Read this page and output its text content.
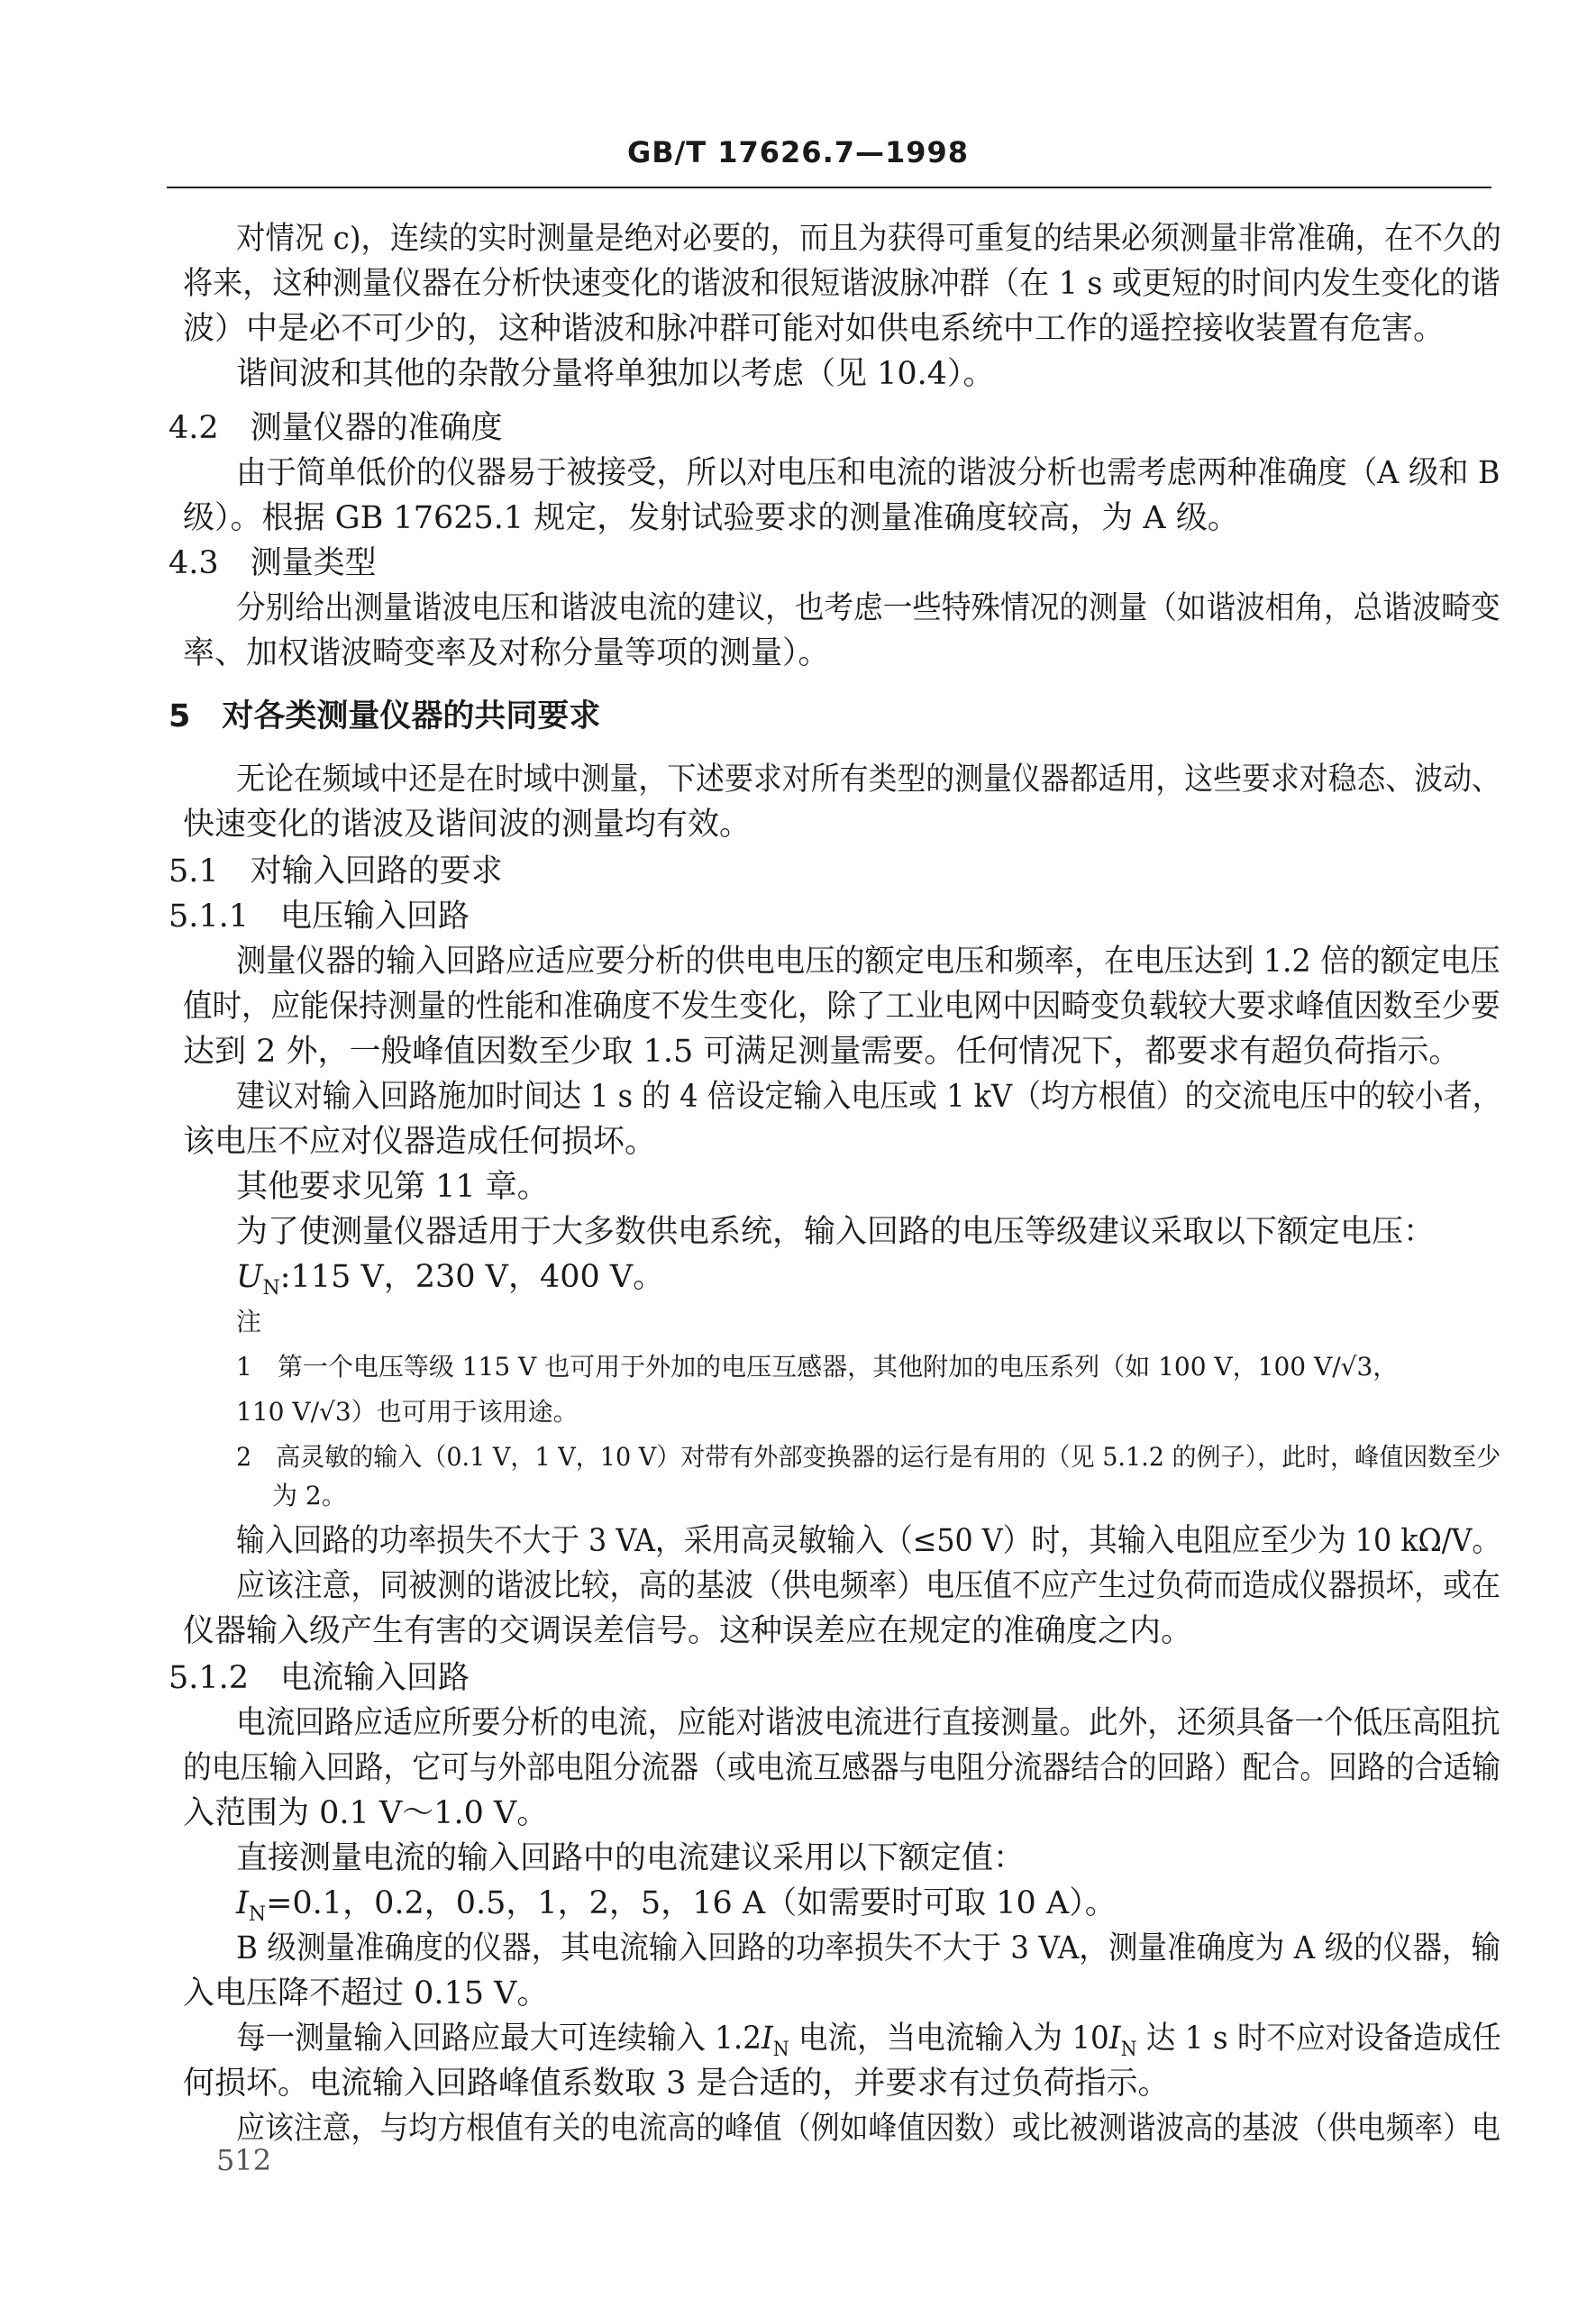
GB/T 17626.7—1998
对情况 c)，连续的实时测量是绝对必要的，而且为获得可重复的结果必须测量非常准确，在不久的
将来，这种测量仪器在分析快速变化的谐波和很短谐波脉冲群（在 1 s 或更短的时间内发生变化的谐
波）中是必不可少的，这种谐波和脉冲群可能对如供电系统中工作的遥控接收装置有危害。
谐间波和其他的杂散分量将单独加以考虑（见 10.4）。
4.2　测量仪器的准确度
由于简单低价的仪器易于被接受，所以对电压和电流的谐波分析也需考虑两种准确度（A 级和 B
级）。根据 GB 17625.1 规定，发射试验要求的测量准确度较高，为 A 级。
4.3　测量类型
分别给出测量谐波电压和谐波电流的建议，也考虑一些特殊情况的测量（如谐波相角，总谐波畸变
率、加权谐波畸变率及对称分量等项的测量）。
5　对各类测量仪器的共同要求
无论在频域中还是在时域中测量，下述要求对所有类型的测量仪器都适用，这些要求对稳态、波动、
快速变化的谐波及谐间波的测量均有效。
5.1　对输入回路的要求
5.1.1　电压输入回路
测量仪器的输入回路应适应要分析的供电电压的额定电压和频率，在电压达到 1.2 倍的额定电压
值时，应能保持测量的性能和准确度不发生变化，除了工业电网中因畸变负载较大要求峰值因数至少要
达到 2 外，一般峰值因数至少取 1.5 可满足测量需要。任何情况下，都要求有超负荷指示。
建议对输入回路施加时间达 1 s 的 4 倍设定输入电压或 1 kV（均方根值）的交流电压中的较小者，
该电压不应对仪器造成任何损坏。
其他要求见第 11 章。
为了使测量仪器适用于大多数供电系统，输入回路的电压等级建议采取以下额定电压：
$U_N:115$ V，230 V，400 V。
注
1　第一个电压等级 115 V 也可用于外加的电压互感器，其他附加的电压系列（如 100 V，100 V/√3，
110 V/√3）也可用于该用途。
2　高灵敏的输入（0.1 V，1 V，10 V）对带有外部变换器的运行是有用的（见 5.1.2 的例子），此时，峰值因数至少
为 2。
输入回路的功率损失不大于 3 VA，采用高灵敏输入（≤50 V）时，其输入电阻应至少为 10 kΩ/V。
应该注意，同被测的谐波比较，高的基波（供电频率）电压值不应产生过负荷而造成仪器损坏，或在
仪器输入级产生有害的交调误差信号。这种误差应在规定的准确度之内。
5.1.2　电流输入回路
电流回路应适应所要分析的电流，应能对谐波电流进行直接测量。此外，还须具备一个低压高阻抗
的电压输入回路，它可与外部电阻分流器（或电流互感器与电阻分流器结合的回路）配合。回路的合适输
入范围为 0.1 V～1.0 V。
直接测量电流的输入回路中的电流建议采用以下额定值：
$I_N=0.1$，0.2，0.5，1，2，5，16 A（如需要时可取 10 A）。
B 级测量准确度的仪器，其电流输入回路的功率损失不大于 3 VA，测量准确度为 A 级的仪器，输
入电压降不超过 0.15 V。
每一测量输入回路应最大可连续输入 $1.2I_N$ 电流，当电流输入为 $10I_N$ 达 1 s 时不应对设备造成任
何损坏。电流输入回路峰值系数取 3 是合适的，并要求有过负荷指示。
应该注意，与均方根值有关的电流高的峰值（例如峰值因数）或比被测谐波高的基波（供电频率）电
512
